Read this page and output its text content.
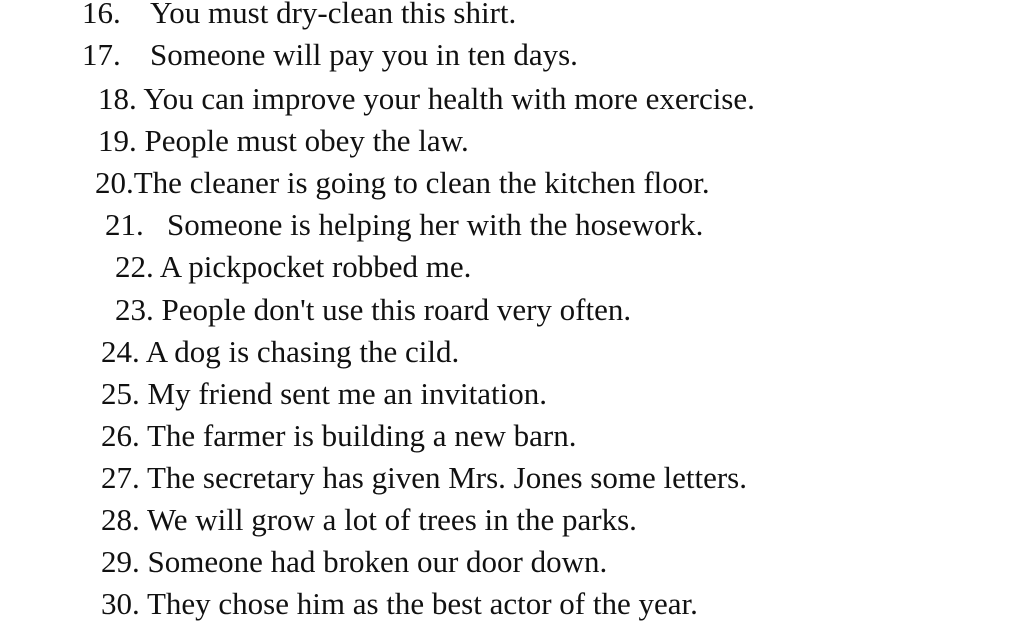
16. You must dry-clean this shirt.
17. Someone will pay you in ten days.
18. You can improve your health with more exercise.
19. People must obey the law.
20.The cleaner is going to clean the kitchen floor.
21. Someone is helping her with the hosework.
22. A pickpocket robbed me.
23. People don't use this roard very often.
24. A dog is chasing the cild.
25. My friend sent me an invitation.
26. The farmer is building a new barn.
27. The secretary has given Mrs. Jones some letters.
28. We will grow a lot of trees in the parks.
29. Someone had broken our door down.
30. They chose him as the best actor of the year.
